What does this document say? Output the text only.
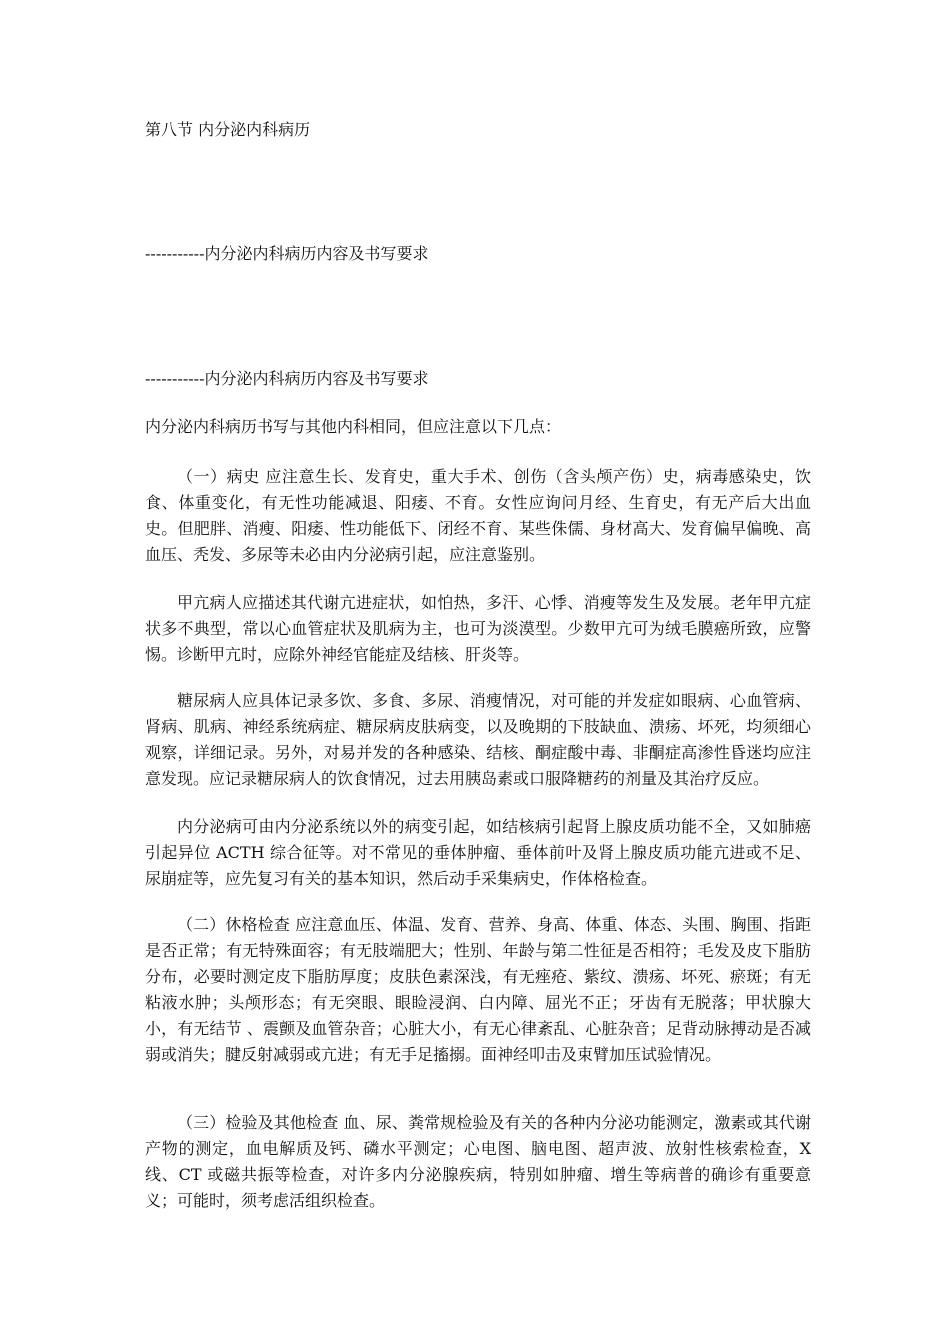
第八节 内分泌内科病历

-----------内分泌内科病历内容及书写要求

-----------内分泌内科病历内容及书写要求

内分泌内科病历书写与其他内科相同，但应注意以下几点：

（一）病史 应注意生长、发育史，重大手术、创伤（含头颅产伤）史，病毒感染史，饮食、体重变化，有无性功能减退、阳痿、不育。女性应询问月经、生育史，有无产后大出血史。但肥胖、消瘦、阳痿、性功能低下、闭经不育、某些侏儒、身材高大、发育偏早偏晚、高血压、秃发、多尿等未必由内分泌病引起，应注意鉴别。

甲亢病人应描述其代谢亢进症状，如怕热，多汗、心悸、消瘦等发生及发展。老年甲亢症状多不典型，常以心血管症状及肌病为主，也可为淡漠型。少数甲亢可为绒毛膜癌所致，应警惕。诊断甲亢时，应除外神经官能症及结核、肝炎等。

糖尿病人应具体记录多饮、多食、多尿、消瘦情况，对可能的并发症如眼病、心血管病、肾病、肌病、神经系统病症、糖尿病皮肤病变，以及晚期的下肢缺血、溃疡、坏死，均须细心观察，详细记录。另外，对易并发的各种感染、结核、酮症酸中毒、非酮症高渗性昏迷均应注意发现。应记录糖尿病人的饮食情况，过去用胰岛素或口服降糖药的剂量及其治疗反应。

内分泌病可由内分泌系统以外的病变引起，如结核病引起肾上腺皮质功能不全，又如肺癌引起异位 ACTH 综合征等。对不常见的垂体肿瘤、垂体前叶及肾上腺皮质功能亢进或不足、尿崩症等，应先复习有关的基本知识，然后动手采集病史，作体格检查。

（二）休格检查 应注意血压、体温、发育、营养、身高、体重、体态、头围、胸围、指距是否正常；有无特殊面容；有无肢端肥大；性别、年龄与第二性征是否相符；毛发及皮下脂肪分布，必要时测定皮下脂肪厚度；皮肤色素深浅，有无痤疮、紫纹、溃疡、坏死、瘀斑；有无粘液水肿；头颅形态；有无突眼、眼睑浸润、白内障、屈光不正；牙齿有无脱落；甲状腺大小，有无结节 、震颤及血管杂音；心脏大小，有无心律紊乱、心脏杂音；足背动脉搏动是否减弱或消失；腱反射减弱或亢进；有无手足搐搦。面神经叩击及束臂加压试验情况。

（三）检验及其他检查 血、尿、粪常规检验及有关的各种内分泌功能测定，激素或其代谢产物的测定，血电解质及钙、磷水平测定；心电图、脑电图、超声波、放射性核索检查，X 线、CT 或磁共振等检查，对许多内分泌腺疾病，特别如肿瘤、增生等病普的确诊有重要意义；可能时，须考虑活组织检查。
